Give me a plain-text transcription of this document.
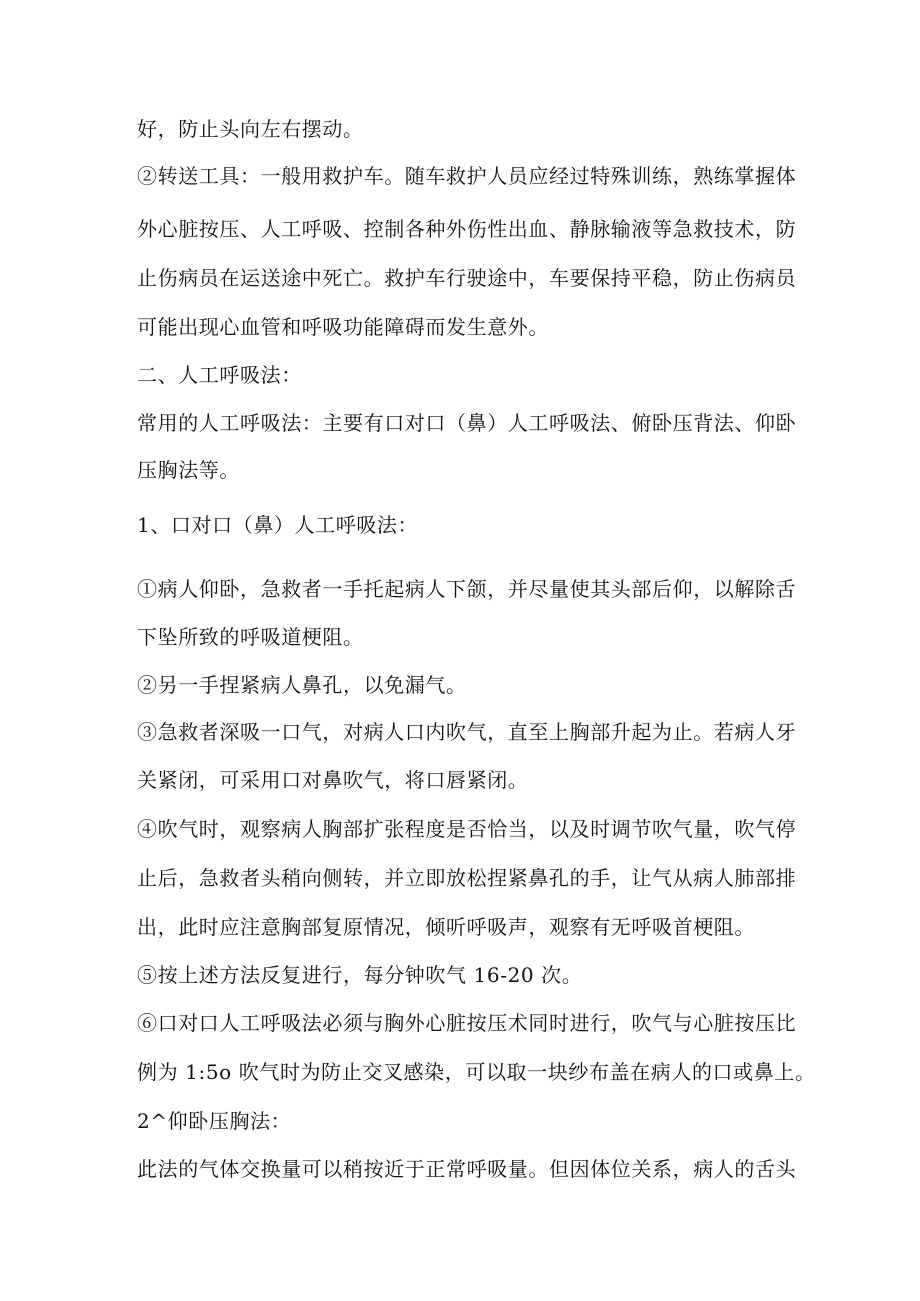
好，防止头向左右摆动。

②转送工具：一般用救护车。随车救护人员应经过特殊训练，熟练掌握体

外心脏按压、人工呼吸、控制各种外伤性出血、静脉输液等急救技术，防

止伤病员在运送途中死亡。救护车行驶途中，车要保持平稳，防止伤病员

可能出现心血管和呼吸功能障碍而发生意外。

二、人工呼吸法：

常用的人工呼吸法：主要有口对口（鼻）人工呼吸法、俯卧压背法、仰卧

压胸法等。

1、口对口（鼻）人工呼吸法：

①病人仰卧，急救者一手托起病人下颌，并尽量使其头部后仰，以解除舌

下坠所致的呼吸道梗阻。

②另一手捏紧病人鼻孔，以免漏气。

③急救者深吸一口气，对病人口内吹气，直至上胸部升起为止。若病人牙

关紧闭，可采用口对鼻吹气，将口唇紧闭。

④吹气时，观察病人胸部扩张程度是否恰当，以及时调节吹气量，吹气停

止后，急救者头稍向侧转，并立即放松捏紧鼻孔的手，让气从病人肺部排

出，此时应注意胸部复原情况，倾听呼吸声，观察有无呼吸首梗阻。

⑤按上述方法反复进行，每分钟吹气 16-20 次。

⑥口对口人工呼吸法必须与胸外心脏按压术同时进行，吹气与心脏按压比

例为 1:5o 吹气时为防止交叉感染，可以取一块纱布盖在病人的口或鼻上。

2^仰卧压胸法：

此法的气体交换量可以稍按近于正常呼吸量。但因体位关系，病人的舌头
